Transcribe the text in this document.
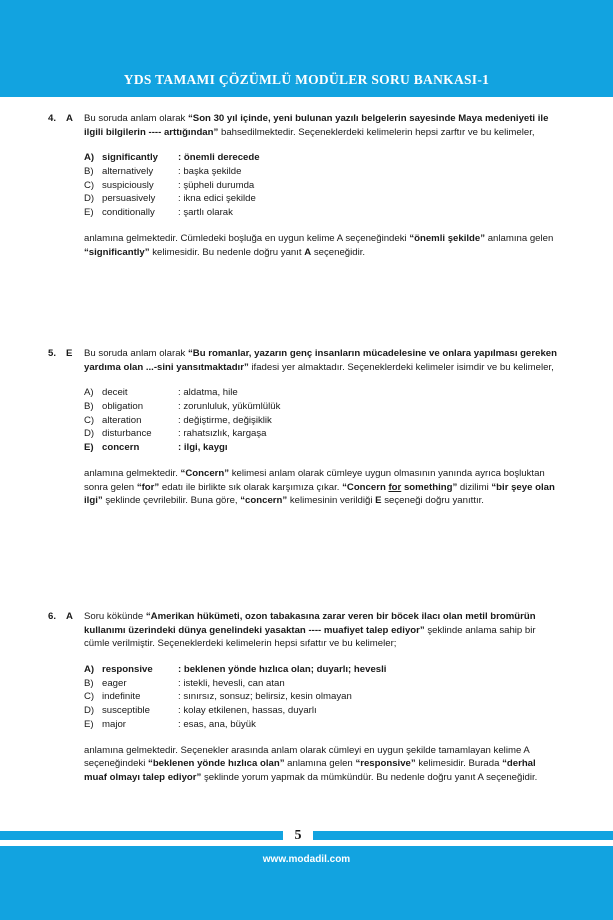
YDS TAMAMI ÇÖZÜMLÜ MODÜLER SORU BANKASI-1
4. A	Bu soruda anlam olarak “Son 30 yıl içinde, yeni bulunan yazılı belgelerin sayesinde Maya medeniyeti ile ilgili bilgilerin ---- arttığından” bahsedilmektedir. Seçeneklerdeki kelimelerin hepsi zarftır ve bu kelimeler,
A) significantly	: önemli derecede
B) alternatively	: başka şekilde
C) suspiciously	: şüpheli durumda
D) persuasively	: ikna edici şekilde
E) conditionally	: şartlı olarak
anlamına gelmektedir. Cümledeki boşluğa en uygun kelime A seçeneğindeki “önemli şekilde” anlamına gelen “significantly” kelimesidir. Bu nedenle doğru yanıt A seçeneğidir.
5. E	Bu soruda anlam olarak “Bu romanlar, yazarın genç insanların mücadelesine ve onlara yapılması gereken yardıma olan ...-sini yansıtmaktadır” ifadesi yer almaktadır. Seçeneklerdeki kelimeler isimdir ve bu kelimeler,
A) deceit	: aldatma, hile
B) obligation	: zorunluluk, yükümlülük
C) alteration	: değiştirme, değişiklik
D) disturbance	: rahatsızlık, kargaşa
E) concern	: ilgi, kaygı
anlamına gelmektedir. “Concern” kelimesi anlam olarak cümleye uygun olmasının yanında ayrıca boşluktan sonra gelen “for” edatı ile birlikte sık olarak karşımıza çıkar. “Concern for something” dizilimi “bir şeye olan ilgi” şeklinde çevrilebilir. Buna göre, “concern” kelimesinin verildiği E seçeneği doğru yanıttır.
6. A	Soru kökünde “Amerikan hükümeti, ozon tabakasına zarar veren bir böcek ilacı olan metil bromürün kullanımı üzerindeki dünya genelindeki yasaktan ---- muafiyet talep ediyor” şeklinde anlama sahip bir cümle verilmiştir. Seçeneklerdeki kelimelerin hepsi sıfattır ve bu kelimeler;
A) responsive	: beklenen yönde hızlıca olan; duyarlı; hevesli
B) eager	: istekli, hevesli, can atan
C) indefinite	: sınırsız, sonsuz; belirsiz, kesin olmayan
D) susceptible	: kolay etkilenen, hassas, duyarlı
E) major	: esas, ana, büyük
anlamına gelmektedir. Seçenekler arasında anlam olarak cümleyi en uygun şekilde tamamlayan kelime A seçeneğindeki “beklenen yönde hızlıca olan” anlamına gelen “responsive” kelimesidir. Burada “derhal muaf olmayı talep ediyor” şeklinde yorum yapmak da mümkündür. Bu nedenle doğru yanıt A seçeneğidir.
5
www.modadil.com
